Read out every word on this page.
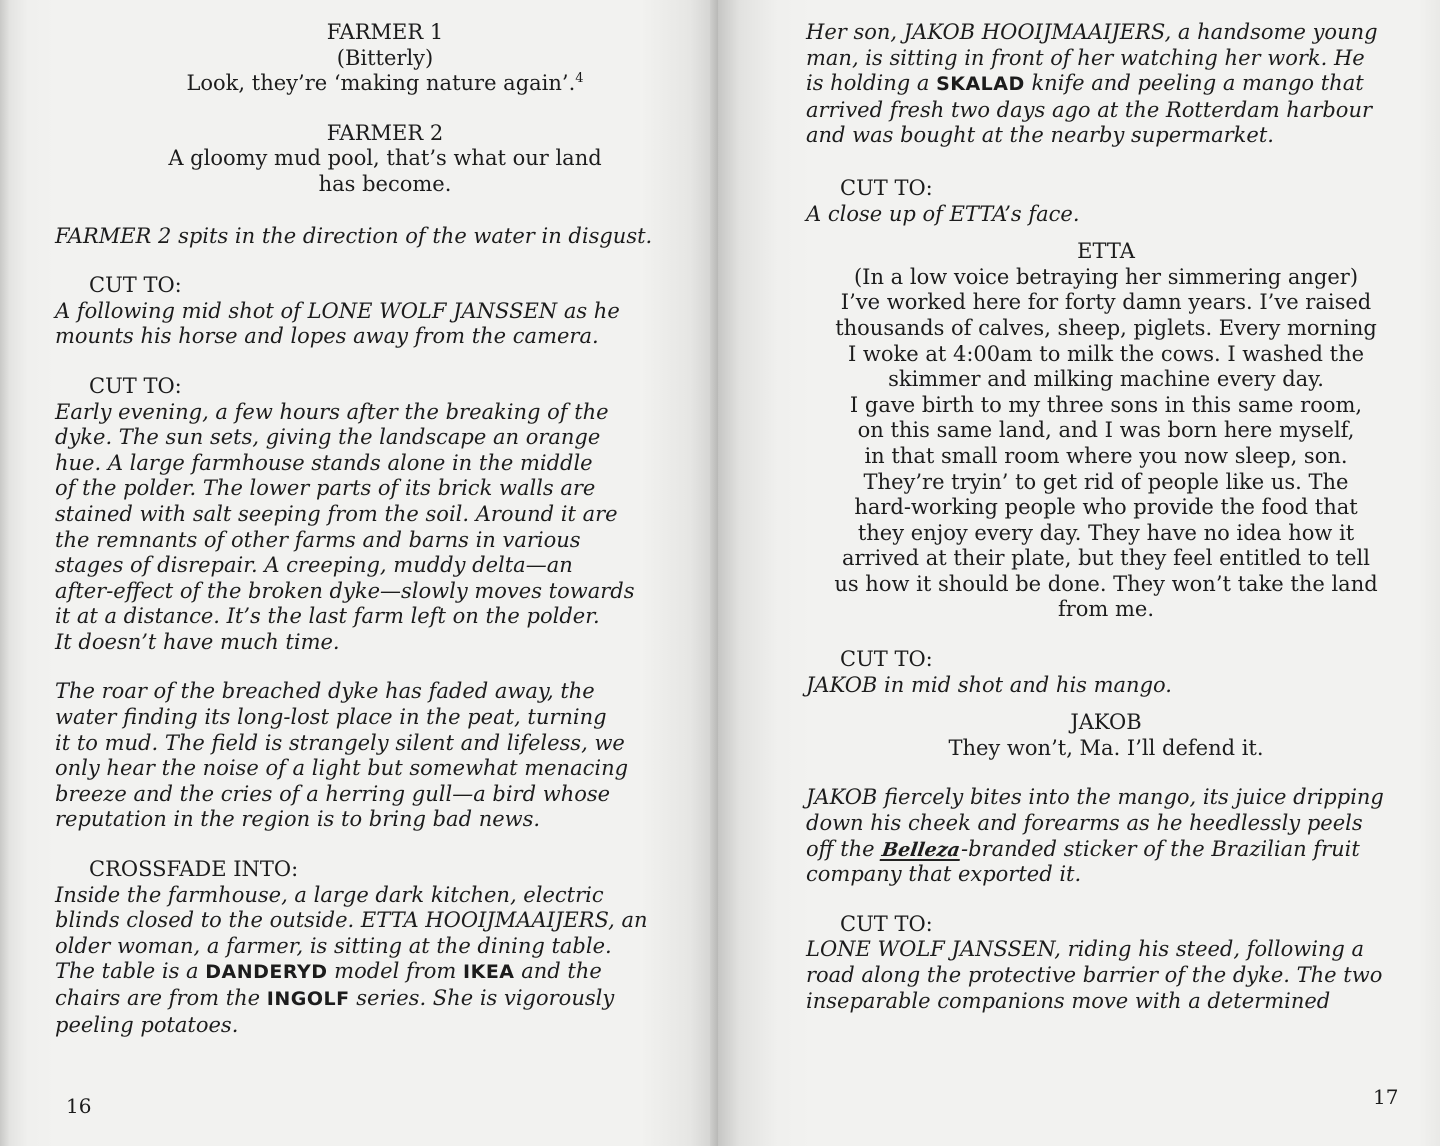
FARMER 1

(Bitterly)

Look, they’re ‘making nature again’.$^4$

FARMER 2

A gloomy mud pool, that’s what our land

has become.

FARMER 2 spits in the direction of the water in disgust.

CUT TO:

A following mid shot of LONE WOLF JANSSEN as he

mounts his horse and lopes away from the camera.

CUT TO:

Early evening, a few hours after the breaking of the

dyke. The sun sets, giving the landscape an orange

hue. A large farmhouse stands alone in the middle

of the polder. The lower parts of its brick walls are

stained with salt seeping from the soil. Around it are

the remnants of other farms and barns in various

stages of disrepair. A creeping, muddy delta—an

after-effect of the broken dyke—slowly moves towards

it at a distance. It’s the last farm left on the polder.

It doesn’t have much time.

The roar of the breached dyke has faded away, the

water finding its long-lost place in the peat, turning

it to mud. The field is strangely silent and lifeless, we

only hear the noise of a light but somewhat menacing

breeze and the cries of a herring gull—a bird whose

reputation in the region is to bring bad news.

CROSSFADE INTO:

Inside the farmhouse, a large dark kitchen, electric

blinds closed to the outside. ETTA HOOIJMAAIJERS, an

older woman, a farmer, is sitting at the dining table.

The table is a DANDERYD model from IKEA and the

chairs are from the INGOLF series. She is vigorously

peeling potatoes.

16

Her son, JAKOB HOOIJMAAIJERS, a handsome young

man, is sitting in front of her watching her work. He

is holding a SKALAD knife and peeling a mango that

arrived fresh two days ago at the Rotterdam harbour

and was bought at the nearby supermarket.

CUT TO:

A close up of ETTA’s face.

ETTA

(In a low voice betraying her simmering anger)

I’ve worked here for forty damn years. I’ve raised

thousands of calves, sheep, piglets. Every morning

I woke at 4:00am to milk the cows. I washed the

skimmer and milking machine every day.

I gave birth to my three sons in this same room,

on this same land, and I was born here myself,

in that small room where you now sleep, son.

They’re tryin’ to get rid of people like us. The

hard-working people who provide the food that

they enjoy every day. They have no idea how it

arrived at their plate, but they feel entitled to tell

us how it should be done. They won’t take the land

from me.

CUT TO:

JAKOB in mid shot and his mango.

JAKOB

They won’t, Ma. I’ll defend it.

JAKOB fiercely bites into the mango, its juice dripping

down his cheek and forearms as he heedlessly peels

off the Belleza-branded sticker of the Brazilian fruit

company that exported it.

CUT TO:

LONE WOLF JANSSEN, riding his steed, following a

road along the protective barrier of the dyke. The two

inseparable companions move with a determined

17
